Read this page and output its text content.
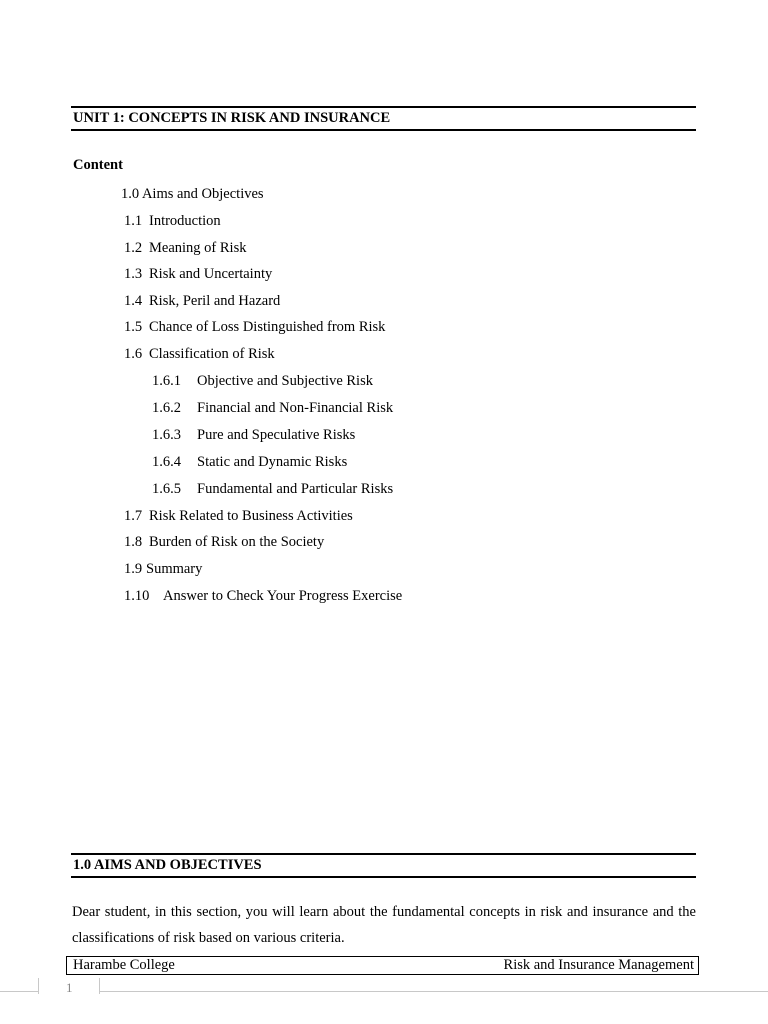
UNIT 1: CONCEPTS IN RISK AND INSURANCE
Content
1.0 Aims and Objectives
1.1 Introduction
1.2 Meaning of Risk
1.3 Risk and Uncertainty
1.4 Risk, Peril and Hazard
1.5 Chance of Loss Distinguished from Risk
1.6 Classification of Risk
1.6.1 Objective and Subjective Risk
1.6.2 Financial and Non-Financial Risk
1.6.3 Pure and Speculative Risks
1.6.4 Static and Dynamic Risks
1.6.5 Fundamental and Particular Risks
1.7 Risk Related to Business Activities
1.8 Burden of Risk on the Society
1.9 Summary
1.10 Answer to Check Your Progress Exercise
1.0 AIMS AND OBJECTIVES
Dear student, in this section, you will learn about the fundamental concepts in risk and insurance and the classifications of risk based on various criteria.
Harambe College	Risk and Insurance Management
1
